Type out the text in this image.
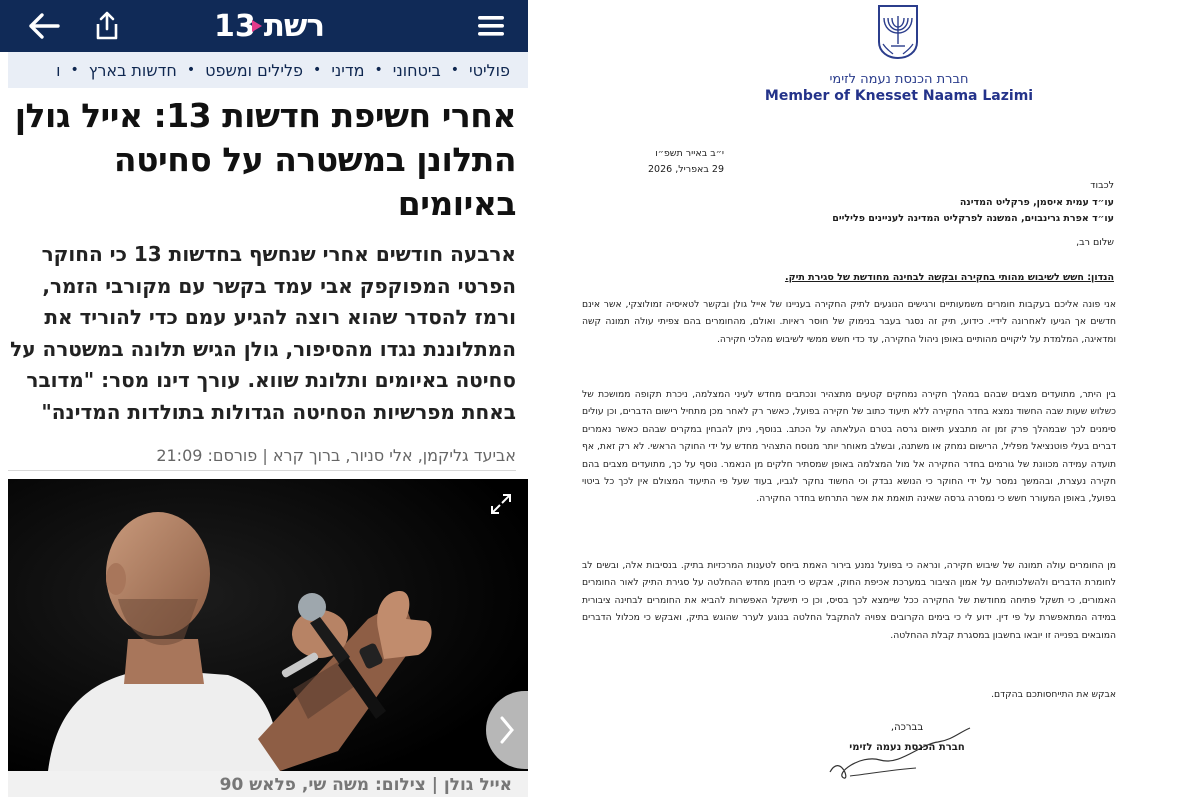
13 רשת
פוליטי
•
ביטחוני
•
מדיני
•
פלילים ומשפט
•
חדשות בארץ
•
ו
אחרי חשיפת חדשות 13: אייל גולן התלונן במשטרה על סחיטה באיומים

ארבעה חודשים אחרי שנחשף בחדשות 13 כי החוקר הפרטי המפוקפק אבי עמד בקשר עם מקורבי הזמר, ורמז להסדר שהוא רוצה להגיע עמם כדי להוריד את המתלוננת נגדו מהסיפור, גולן הגיש תלונה במשטרה על סחיטה באיומים ותלונת שווא. עורך דינו מסר: "מדובר באחת מפרשיות הסחיטה הגדולות בתולדות המדינה"

אביעד גליקמן, אלי סניור, ברוך קרא | פורסם: 21:09

אייל גולן | צילום: משה שי, פלאש 90
חברת הכנסת נעמה לזימי
Member of Knesset Naama Lazimi
י״ב באייר תשפ״ו
29 באפריל, 2026
לכבוד
עו״ד עמית איסמן, פרקליט המדינה
עו״ד אפרת גרינבוים, המשנה לפרקליט המדינה לעניינים פליליים
שלום רב,
הנדון: חשש לשיבוש מהותי בחקירה ובקשה לבחינה מחודשת של סגירת תיק.
אני פונה אליכם בעקבות חומרים משמעותיים ורגישים הנוגעים לתיק החקירה בעניינו של אייל גולן ובקשר לטאיסיה זמולוצקי, אשר אינם חדשים אך הגיעו לאחרונה לידיי. כידוע, תיק זה נסגר בעבר בנימוק של חוסר ראיות. ואולם, מהחומרים בהם צפיתי עולה תמונה קשה ומדאיגה, המלמדת על ליקויים מהותיים באופן ניהול החקירה, עד כדי חשש ממשי לשיבוש מהלכי חקירה.
בין היתר, מתועדים מצבים שבהם במהלך חקירה נמחקים קטעים מתצהיר ונכתבים מחדש לעיני המצלמה, ניכרת תקופה ממושכת של כשלוש שעות שבה החשוד נמצא בחדר החקירה ללא תיעוד כתוב של חקירה בפועל, כאשר רק לאחר מכן מתחיל רישום הדברים, וכן עולים סימנים לכך שבמהלך פרק זמן זה מתבצע תיאום גרסה בטרם העלאתה על הכתב. בנוסף, ניתן להבחין במקרים שבהם כאשר נאמרים דברים בעלי פוטנציאל מפליל, הרישום נמחק או משתנה, ובשלב מאוחר יותר מנוסח התצהיר מחדש על ידי החוקר הראשי. לא רק זאת, אף תועדה עמידה מכוונת של גורמים בחדר החקירה אל מול המצלמה באופן שמסתיר חלקים מן הנאמר. נוסף על כך, מתועדים מצבים בהם חקירה נעצרת, ובהמשך נמסר על ידי החוקר כי הנושא נבדק וכי החשוד נחקר לגביו, בעוד שעל פי התיעוד המצולם אין לכך כל ביטוי בפועל, באופן המעורר חשש כי נמסרה גרסה שאינה תואמת את אשר התרחש בחדר החקירה.
מן החומרים עולה תמונה של שיבוש חקירה, ונראה כי בפועל נמנע בירור האמת ביחס לטענות המרכזיות בתיק. בנסיבות אלה, ובשים לב לחומרת הדברים ולהשלכותיהם על אמון הציבור במערכת אכיפת החוק, אבקש כי תיבחן מחדש ההחלטה על סגירת התיק לאור החומרים האמורים, כי תשקל פתיחה מחודשת של החקירה ככל שיימצא לכך בסיס, וכן כי תישקל האפשרות להביא את החומרים לבחינה ציבורית במידה המתאפשרת על פי דין. ידוע לי כי בימים הקרובים צפויה להתקבל החלטה בנוגע לערר שהוגש בתיק, ואבקש כי מכלול הדברים המובאים בפנייה זו יובאו בחשבון במסגרת קבלת ההחלטה.
אבקש את התייחסותכם בהקדם.
בברכה,
חברת הכנסת נעמה לזימי
